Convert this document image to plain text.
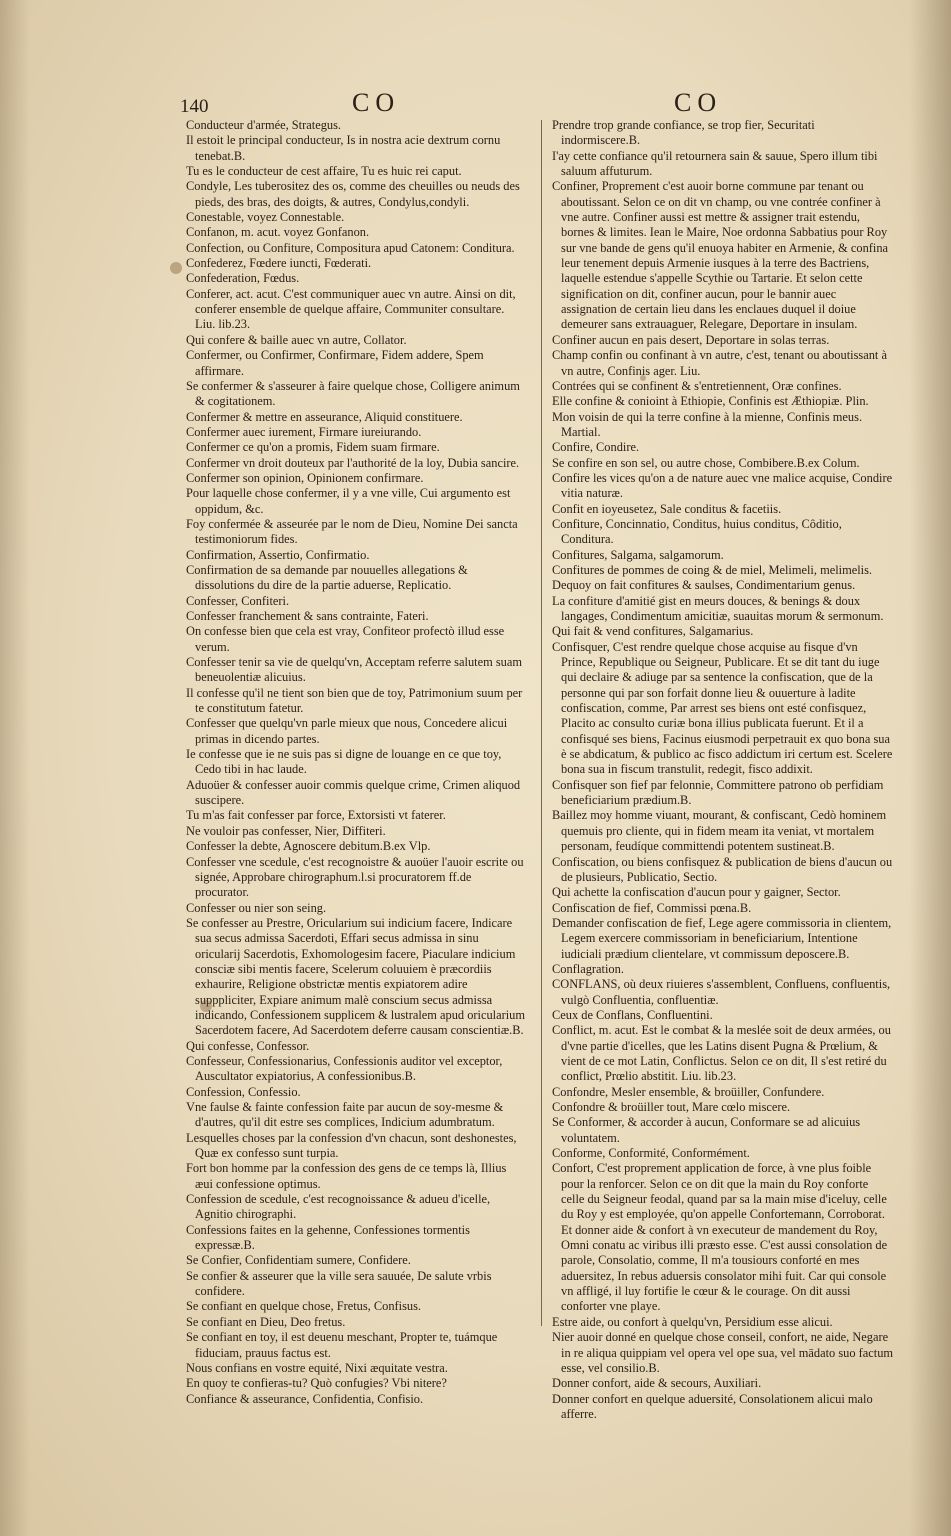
140	CO	CO

Conducteur d'armée, Strategus.

Il estoit le principal conducteur, Is in nostra acie dextrum cornu tenebat.B.

Tu es le conducteur de cest affaire, Tu es huic rei caput.

Condyle, Les tuberositez des os, comme des cheuilles ou neuds des pieds, des bras, des doigts, & autres, Condylus,condyli.

Conestable, voyez Connestable.

Confanon, m. acut. voyez Gonfanon.

Confection, ou Confiture, Compositura apud Catonem: Conditura.

Confederez, Fœdere iuncti, Fœderati.

Confederation, Fœdus.

Conferer, act. acut. C'est communiquer auec vn autre. Ainsi on dit, conferer ensemble de quelque affaire, Communiter consultare. Liu. lib.23.

Qui confere & baille auec vn autre, Collator.

Confermer, ou Confirmer, Confirmare, Fidem addere, Spem affirmare.

Se confermer & s'asseurer à faire quelque chose, Colligere animum & cogitationem.

Confermer & mettre en asseurance, Aliquid constituere.

Confermer auec iurement, Firmare iureiurando.

Confermer ce qu'on a promis, Fidem suam firmare.

Confermer vn droit douteux par l'authorité de la loy, Dubia sancire.

Confermer son opinion, Opinionem confirmare.

Pour laquelle chose confermer, il y a vne ville, Cui argumento est oppidum, &c.

Foy confermée & asseurée par le nom de Dieu, Nomine Dei sancta testimoniorum fides.

Confirmation, Assertio, Confirmatio.

Confirmation de sa demande par nouuelles allegations & dissolutions du dire de la partie aduerse, Replicatio.

Confesser, Confiteri.

Confesser franchement & sans contrainte, Fateri.

On confesse bien que cela est vray, Confiteor profectò illud esse verum.

Confesser tenir sa vie de quelqu'vn, Acceptam referre salutem suam beneuolentiæ alicuius.

Il confesse qu'il ne tient son bien que de toy, Patrimonium suum per te constitutum fatetur.

Confesser que quelqu'vn parle mieux que nous, Concedere alicui primas in dicendo partes.

Ie confesse que ie ne suis pas si digne de louange en ce que toy, Cedo tibi in hac laude.

Aduoüer & confesser auoir commis quelque crime, Crimen aliquod suscipere.

Tu m'as fait confesser par force, Extorsisti vt faterer.

Ne vouloir pas confesser, Nier, Diffiteri.

Confesser la debte, Agnoscere debitum.B.ex Vlp.

Confesser vne scedule, c'est recognoistre & auoüer l'auoir escrite ou signée, Approbare chirographum.l.si procuratorem ff.de procurator.

Confesser ou nier son seing.

Se confesser au Prestre, Oricularium sui indicium facere, Indicare sua secus admissa Sacerdoti, Effari secus admissa in sinu oricularij Sacerdotis, Exhomologesim facere, Piaculare indicium consciæ sibi mentis facere, Scelerum coluuiem è præcordiis exhaurire, Religione obstrictæ mentis expiatorem adire supppliciter, Expiare animum malè conscium secus admissa indicando, Confessionem supplicem & lustralem apud oricularium Sacerdotem facere, Ad Sacerdotem deferre causam conscientiæ.B.

Qui confesse, Confessor.

Confesseur, Confessionarius, Confessionis auditor vel exceptor, Auscultator expiatorius, A confessionibus.B.

Confession, Confessio.

Vne faulse & fainte confession faite par aucun de soy-mesme & d'autres, qu'il dit estre ses complices, Indicium adumbratum.

Lesquelles choses par la confession d'vn chacun, sont deshonestes, Quæ ex confesso sunt turpia.

Fort bon homme par la confession des gens de ce temps là, Illius æui confessione optimus.

Confession de scedule, c'est recognoissance & adueu d'icelle, Agnitio chirographi.

Confessions faites en la gehenne, Confessiones tormentis expressæ.B.

Se Confier, Confidentiam sumere, Confidere.

Se confier & asseurer que la ville sera sauuée, De salute vrbis confidere.

Se confiant en quelque chose, Fretus, Confisus.

Se confiant en Dieu, Deo fretus.

Se confiant en toy, il est deuenu meschant, Propter te, tuámque fiduciam, prauus factus est.

Nous confians en vostre equité, Nixi æquitate vestra.

En quoy te confieras-tu? Quò confugies? Vbi nitere?

Confiance & asseurance, Confidentia, Confisio.

Prendre trop grande confiance, se trop fier, Securitati indormiscere.B.

I'ay cette confiance qu'il retournera sain & sauue, Spero illum tibi saluum affuturum.

Confiner, Proprement c'est auoir borne commune par tenant ou aboutissant. Selon ce on dit vn champ, ou vne contrée confiner à vne autre. Confiner aussi est mettre & assigner trait estendu, bornes & limites. Iean le Maire, Noe ordonna Sabbatius pour Roy sur vne bande de gens qu'il enuoya habiter en Armenie, & confina leur tenement depuis Armenie iusques à la terre des Bactriens, laquelle estendue s'appelle Scythie ou Tartarie. Et selon cette signification on dit, confiner aucun, pour le bannir auec assignation de certain lieu dans les enclaues duquel il doiue demeurer sans extrauaguer, Relegare, Deportare in insulam.

Confiner aucun en pais desert, Deportare in solas terras.

Champ confin ou confinant à vn autre, c'est, tenant ou aboutissant à vn autre, Confinis ager. Liu.

Contrées qui se confinent & s'entretiennent, Oræ confines.

Elle confine & conioint à Ethiopie, Confinis est Æthiopiæ. Plin.

Mon voisin de qui la terre confine à la mienne, Confinis meus. Martial.

Confire, Condire.

Se confire en son sel, ou autre chose, Combibere.B.ex Colum.

Confire les vices qu'on a de nature auec vne malice acquise, Condire vitia naturæ.

Confit en ioyeusetez, Sale conditus & facetiis.

Confiture, Concinnatio, Conditus, huius conditus, Côditio, Conditura.

Confitures, Salgama, salgamorum.

Confitures de pommes de coing & de miel, Melimeli, melimelis.

Dequoy on fait confitures & saulses, Condimentarium genus.

La confiture d'amitié gist en meurs douces, & benings & doux langages, Condimentum amicitiæ, suauitas morum & sermonum.

Qui fait & vend confitures, Salgamarius.

Confisquer, C'est rendre quelque chose acquise au fisque d'vn Prince, Republique ou Seigneur, Publicare. Et se dit tant du iuge qui declaire & adiuge par sa sentence la confiscation, que de la personne qui par son forfait donne lieu & ouuerture à ladite confiscation, comme, Par arrest ses biens ont esté confisquez, Placito ac consulto curiæ bona illius publicata fuerunt. Et il a confisqué ses biens, Facinus eiusmodi perpetrauit ex quo bona sua è se abdicatum, & publico ac fisco addictum iri certum est. Scelere bona sua in fiscum transtulit, redegit, fisco addixit.

Confisquer son fief par felonnie, Committere patrono ob perfidiam beneficiarium prædium.B.

Baillez moy homme viuant, mourant, & confiscant, Cedò hominem quemuis pro cliente, qui in fidem meam ita veniat, vt mortalem personam, feudíque committendi potentem sustineat.B.

Confiscation, ou biens confisquez & publication de biens d'aucun ou de plusieurs, Publicatio, Sectio.

Qui achette la confiscation d'aucun pour y gaigner, Sector.

Confiscation de fief, Commissi pœna.B.

Demander confiscation de fief, Lege agere commissoria in clientem, Legem exercere commissoriam in beneficiarium, Intentione iudiciali prædium clientelare, vt commissum deposcere.B.

Conflagration.

CONFLANS, où deux riuieres s'assemblent, Confluens, confluentis, vulgò Confluentia, confluentiæ.

Ceux de Conflans, Confluentini.

Conflict, m. acut. Est le combat & la meslée soit de deux armées, ou d'vne partie d'icelles, que les Latins disent Pugna & Prœlium, & vient de ce mot Latin, Conflictus. Selon ce on dit, Il s'est retiré du conflict, Prœlio abstitit. Liu. lib.23.

Confondre, Mesler ensemble, & broüiller, Confundere.

Confondre & broüiller tout, Mare cœlo miscere.

Se Conformer, & accorder à aucun, Conformare se ad alicuius voluntatem.

Conforme, Conformité, Conformément.

Confort, C'est proprement application de force, à vne plus foible pour la renforcer. Selon ce on dit que la main du Roy conforte celle du Seigneur feodal, quand par sa la main mise d'iceluy, celle du Roy y est employée, qu'on appelle Confortemann, Corroborat. Et donner aide & confort à vn executeur de mandement du Roy, Omni conatu ac viribus illi præsto esse. C'est aussi consolation de parole, Consolatio, comme, Il m'a tousiours conforté en mes aduersitez, In rebus aduersis consolator mihi fuit. Car qui console vn affligé, il luy fortifie le cœur & le courage. On dit aussi conforter vne playe.

Estre aide, ou confort à quelqu'vn, Persidium esse alicui.

Nier auoir donné en quelque chose conseil, confort, ne aide, Negare in re aliqua quippiam vel opera vel ope sua, vel mādato suo factum esse, vel consilio.B.

Donner confort, aide & secours, Auxiliari.

Donner confort en quelque aduersité, Consolationem alicui malo afferre.
